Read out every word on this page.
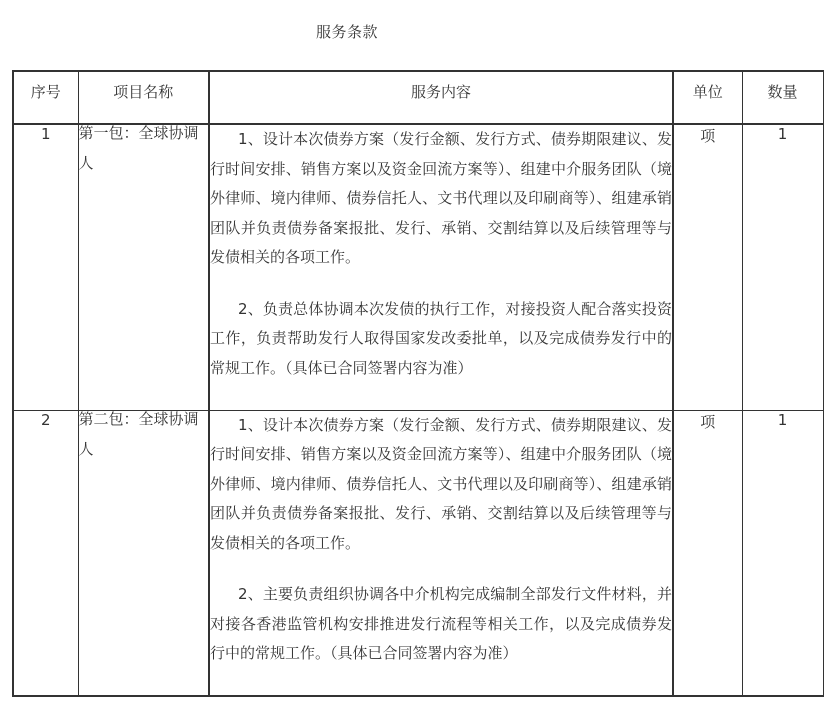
服务条款
序号	项目名称	服务内容	单位	数量
1	第一包：全球协调人	1、设计本次债券方案（发行金额、发行方式、债券期限建议、发行时间安排、销售方案以及资金回流方案等）、组建中介服务团队（境外律师、境内律师、债券信托人、文书代理以及印刷商等）、组建承销团队并负责债券备案报批、发行、承销、交割结算以及后续管理等与发债相关的各项工作。

2、负责总体协调本次发债的执行工作，对接投资人配合落实投资工作，负责帮助发行人取得国家发改委批单，以及完成债券发行中的常规工作。（具体已合同签署内容为准）	项	1
2	第二包：全球协调人	1、设计本次债券方案（发行金额、发行方式、债券期限建议、发行时间安排、销售方案以及资金回流方案等）、组建中介服务团队（境外律师、境内律师、债券信托人、文书代理以及印刷商等）、组建承销团队并负责债券备案报批、发行、承销、交割结算以及后续管理等与发债相关的各项工作。

2、主要负责组织协调各中介机构完成编制全部发行文件材料，并对接各香港监管机构安排推进发行流程等相关工作，以及完成债券发行中的常规工作。（具体已合同签署内容为准）	项	1
